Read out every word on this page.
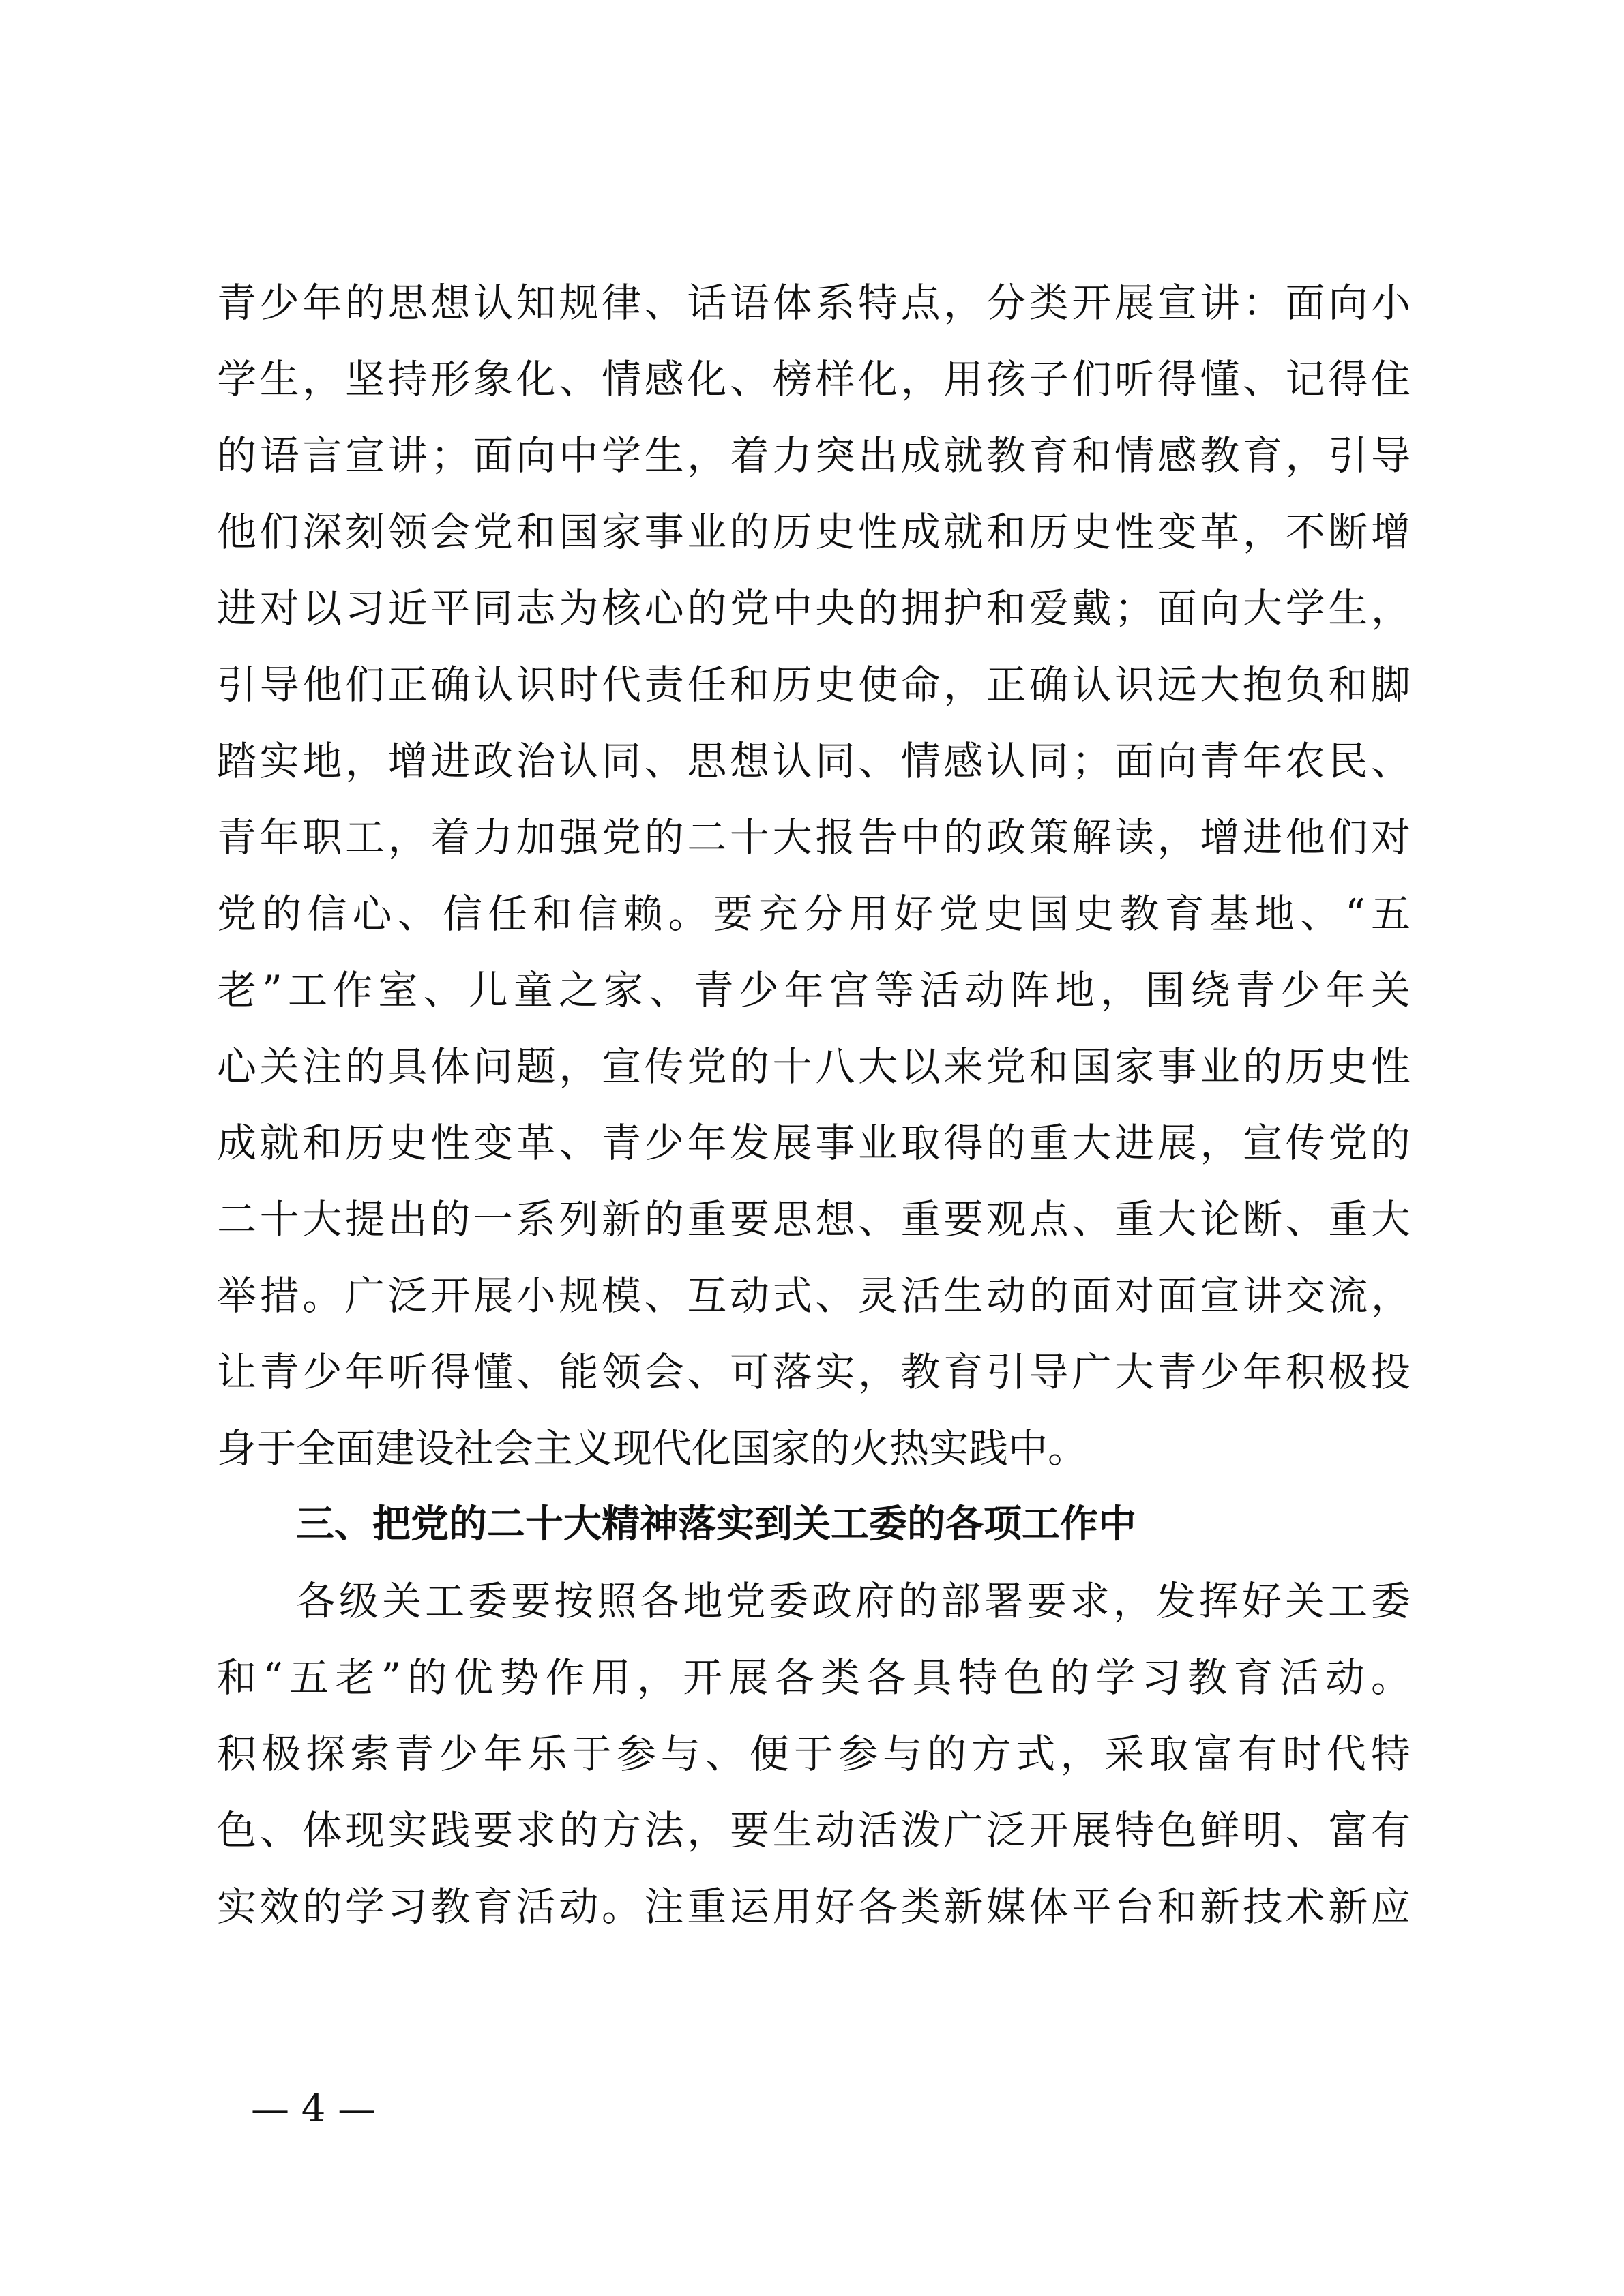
青少年的思想认知规律、话语体系特点，分类开展宣讲：面向小
学生，坚持形象化、情感化、榜样化，用孩子们听得懂、记得住
的语言宣讲；面向中学生，着力突出成就教育和情感教育，引导
他们深刻领会党和国家事业的历史性成就和历史性变革，不断增
进对以习近平同志为核心的党中央的拥护和爱戴；面向大学生，
引导他们正确认识时代责任和历史使命，正确认识远大抱负和脚
踏实地，增进政治认同、思想认同、情感认同；面向青年农民、
青年职工，着力加强党的二十大报告中的政策解读，增进他们对
党的信心、信任和信赖。要充分用好党史国史教育基地、“五
老”工作室、儿童之家、青少年宫等活动阵地，围绕青少年关
心关注的具体问题，宣传党的十八大以来党和国家事业的历史性
成就和历史性变革、青少年发展事业取得的重大进展，宣传党的
二十大提出的一系列新的重要思想、重要观点、重大论断、重大
举措。广泛开展小规模、互动式、灵活生动的面对面宣讲交流，
让青少年听得懂、能领会、可落实，教育引导广大青少年积极投
身于全面建设社会主义现代化国家的火热实践中。
三、把党的二十大精神落实到关工委的各项工作中
各级关工委要按照各地党委政府的部署要求，发挥好关工委
和“五老”的优势作用，开展各类各具特色的学习教育活动。
积极探索青少年乐于参与、便于参与的方式，采取富有时代特
色、体现实践要求的方法，要生动活泼广泛开展特色鲜明、富有
实效的学习教育活动。注重运用好各类新媒体平台和新技术新应
— 4 —
